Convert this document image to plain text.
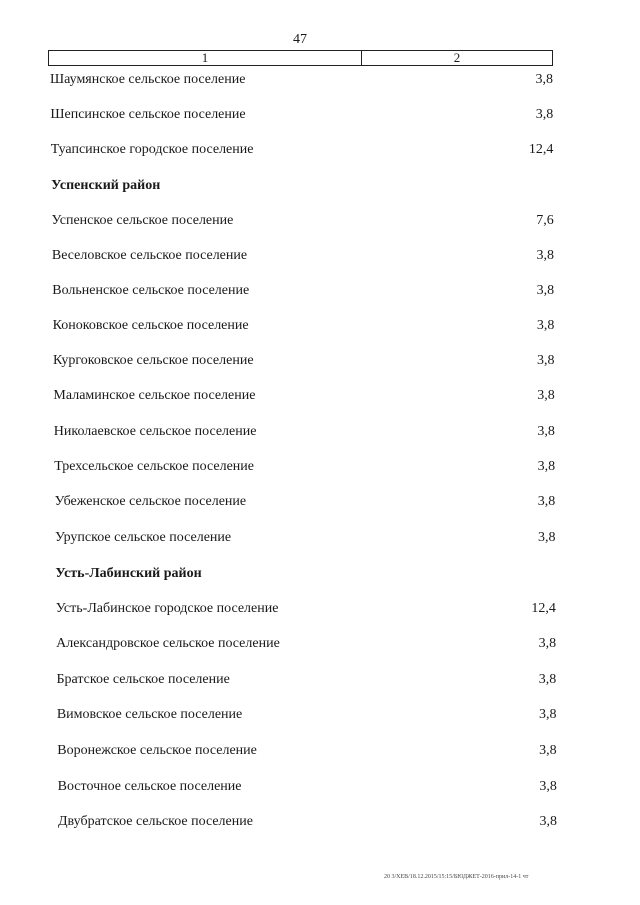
47
1	2
Шаумянское сельское поселение	3,8
Шепсинское сельское поселение	3,8
Туапсинское городское поселение	12,4
Успенский район
Успенское сельское поселение	7,6
Веселовское сельское поселение	3,8
Вольненское сельское поселение	3,8
Коноковское сельское поселение	3,8
Кургоковское сельское поселение	3,8
Маламинское сельское поселение	3,8
Николаевское сельское поселение	3,8
Трехсельское сельское поселение	3,8
Убеженское сельское поселение	3,8
Урупское сельское поселение	3,8
Усть-Лабинский район
Усть-Лабинское городское поселение	12,4
Александровское сельское поселение	3,8
Братское сельское поселение	3,8
Вимовское сельское поселение	3,8
Воронежское сельское поселение	3,8
Восточное сельское поселение	3,8
Двубратское сельское поселение	3,8
20 3/ХЕВ/18.12.2015/15:15/БЮДЖЕТ-2016-прил-14-1 чт
